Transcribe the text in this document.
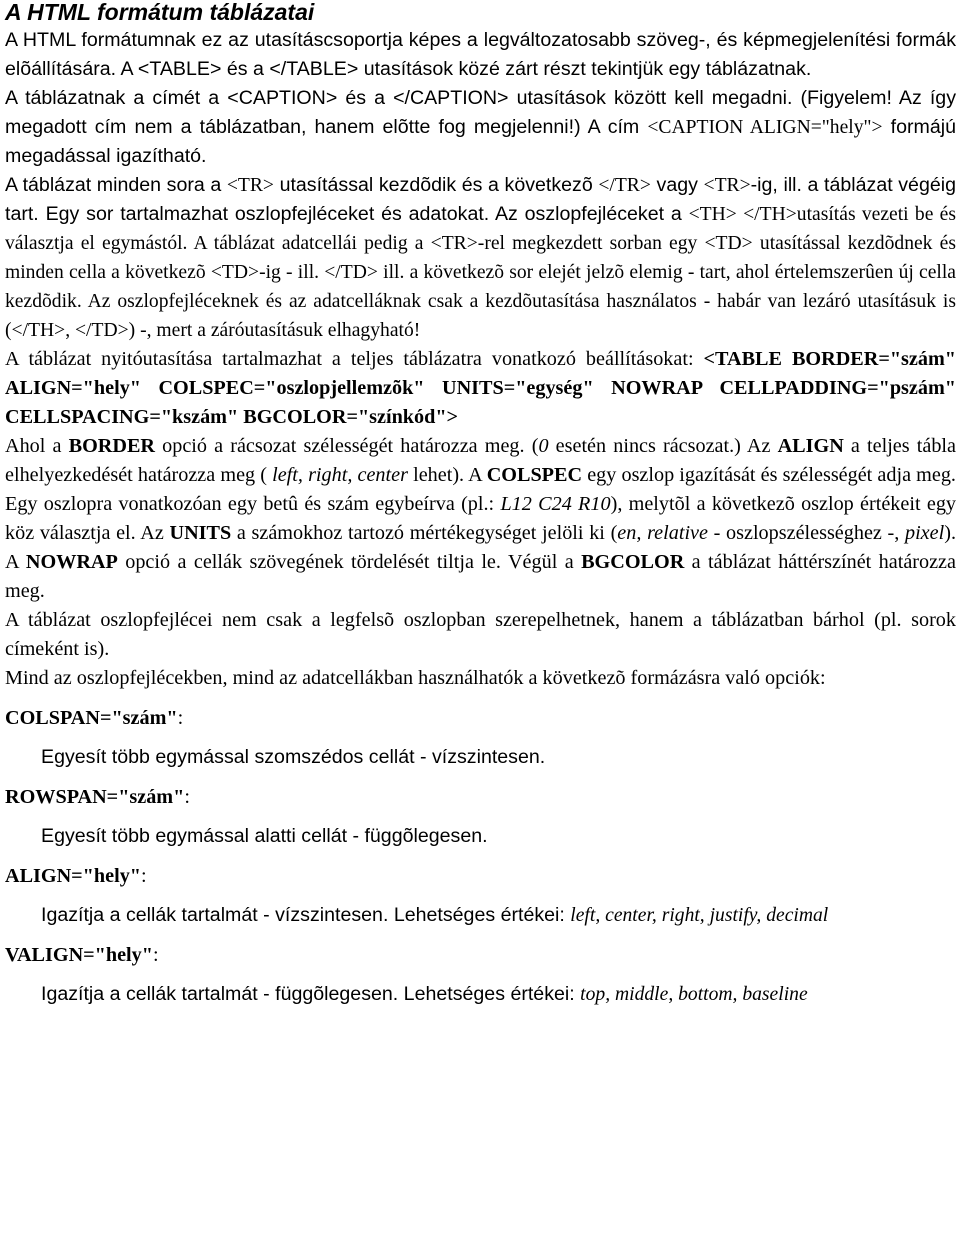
A HTML formátum táblázatai

A HTML formátumnak ez az utasításcsoportja képes a legváltozatosabb szöveg-, és képmegjelenítési formák elõállítására. A <TABLE> és a </TABLE> utasítások közé zárt részt tekintjük egy táblázatnak.

A táblázatnak a címét a <CAPTION> és a </CAPTION> utasítások között kell megadni. (Figyelem! Az így megadott cím nem a táblázatban, hanem elõtte fog megjelenni!) A cím <CAPTION ALIGN="hely"> formájú megadással igazítható.

A táblázat minden sora a <TR> utasítással kezdõdik és a következõ </TR> vagy <TR>-ig, ill. a táblázat végéig tart. Egy sor tartalmazhat oszlopfejléceket és adatokat. Az oszlopfejléceket a <TH> </TH>utasítás vezeti be és választja el egymástól. A táblázat adatcellái pedig a <TR>-rel megkezdett sorban egy <TD> utasítással kezdõdnek és minden cella a következõ <TD>-ig - ill. </TD> ill. a következõ sor elejét jelzõ elemig - tart, ahol értelemszerûen új cella kezdõdik. Az oszlopfejléceknek és az adatcelláknak csak a kezdõutasítása használatos - habár van lezáró utasításuk is (</TH>, </TD>) -, mert a záróutasításuk elhagyható!

A táblázat nyitóutasítása tartalmazhat a teljes táblázatra vonatkozó beállításokat: <TABLE BORDER="szám" ALIGN="hely" COLSPEC="oszlopjellemzõk" UNITS="egység" NOWRAP CELLPADDING="pszám" CELLSPACING="kszám" BGCOLOR="színkód">

Ahol a BORDER opció a rácsozat szélességét határozza meg. (0 esetén nincs rácsozat.) Az ALIGN a teljes tábla elhelyezkedését határozza meg ( left, right, center lehet). A COLSPEC egy oszlop igazítását és szélességét adja meg. Egy oszlopra vonatkozóan egy betû és szám egybeírva (pl.: L12 C24 R10), melytõl a következõ oszlop értékeit egy köz választja el. Az UNITS a számokhoz tartozó mértékegységet jelöli ki (en, relative - oszlopszélességhez -, pixel). A NOWRAP opció a cellák szövegének tördelését tiltja le. Végül a BGCOLOR a táblázat háttérszínét határozza meg.

A táblázat oszlopfejlécei nem csak a legfelsõ oszlopban szerepelhetnek, hanem a táblázatban bárhol (pl. sorok címeként is).

Mind az oszlopfejlécekben, mind az adatcellákban használhatók a következõ formázásra való opciók:

COLSPAN="szám":

Egyesít több egymással szomszédos cellát - vízszintesen.

ROWSPAN="szám":

Egyesít több egymással alatti cellát - függõlegesen.

ALIGN="hely":

Igazítja a cellák tartalmát - vízszintesen. Lehetséges értékei: left, center, right, justify, decimal

VALIGN="hely":

Igazítja a cellák tartalmát - függõlegesen. Lehetséges értékei: top, middle, bottom, baseline
